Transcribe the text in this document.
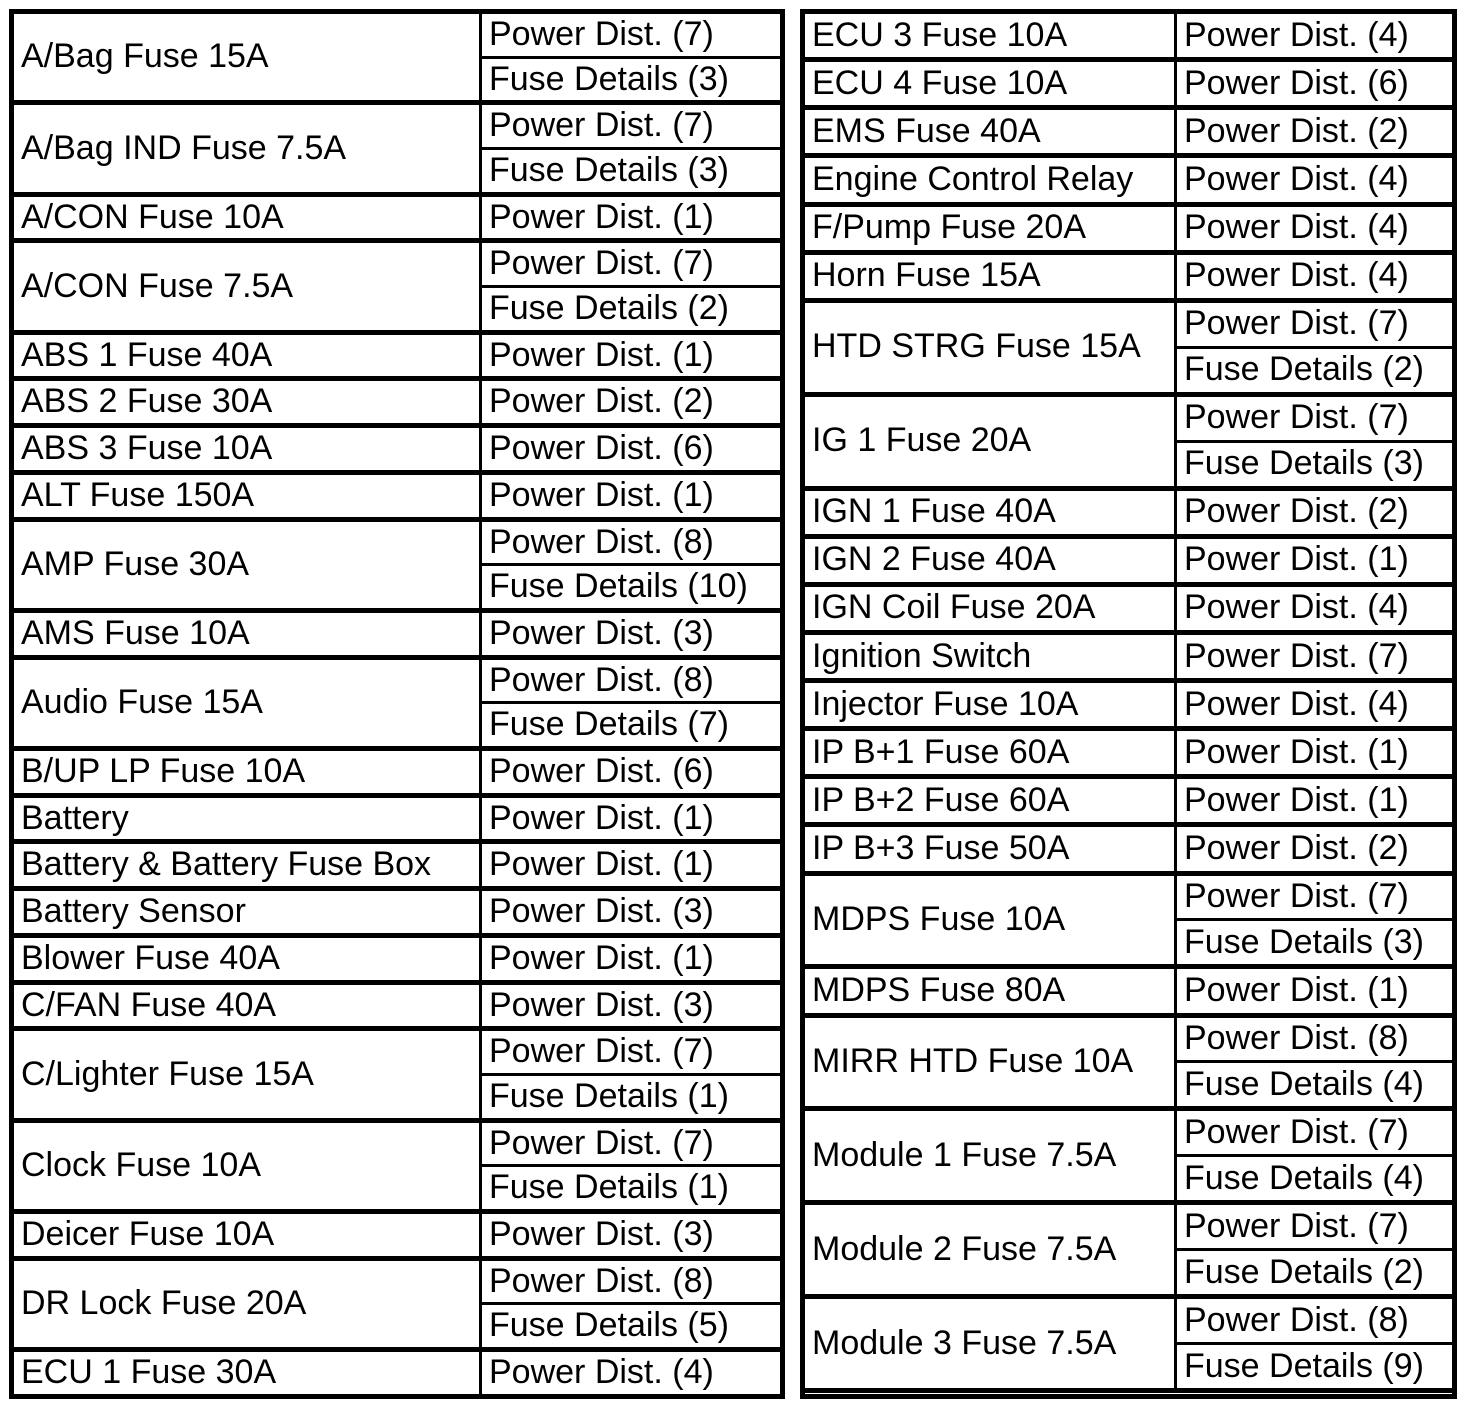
A/Bag Fuse 15A	Power Dist. (7)
	Fuse Details (3)
A/Bag IND Fuse 7.5A	Power Dist. (7)
	Fuse Details (3)
A/CON Fuse 10A	Power Dist. (1)
A/CON Fuse 7.5A	Power Dist. (7)
	Fuse Details (2)
ABS 1 Fuse 40A	Power Dist. (1)
ABS 2 Fuse 30A	Power Dist. (2)
ABS 3 Fuse 10A	Power Dist. (6)
ALT Fuse 150A	Power Dist. (1)
AMP Fuse 30A	Power Dist. (8)
	Fuse Details (10)
AMS Fuse 10A	Power Dist. (3)
Audio Fuse 15A	Power Dist. (8)
	Fuse Details (7)
B/UP LP Fuse 10A	Power Dist. (6)
Battery	Power Dist. (1)
Battery & Battery Fuse Box	Power Dist. (1)
Battery Sensor	Power Dist. (3)
Blower Fuse 40A	Power Dist. (1)
C/FAN Fuse 40A	Power Dist. (3)
C/Lighter Fuse 15A	Power Dist. (7)
	Fuse Details (1)
Clock Fuse 10A	Power Dist. (7)
	Fuse Details (1)
Deicer Fuse 10A	Power Dist. (3)
DR Lock Fuse 20A	Power Dist. (8)
	Fuse Details (5)
ECU 1 Fuse 30A	Power Dist. (4)
ECU 3 Fuse 10A	Power Dist. (4)
ECU 4 Fuse 10A	Power Dist. (6)
EMS Fuse 40A	Power Dist. (2)
Engine Control Relay	Power Dist. (4)
F/Pump Fuse 20A	Power Dist. (4)
Horn Fuse 15A	Power Dist. (4)
HTD STRG Fuse 15A	Power Dist. (7)
	Fuse Details (2)
IG 1 Fuse 20A	Power Dist. (7)
	Fuse Details (3)
IGN 1 Fuse 40A	Power Dist. (2)
IGN 2 Fuse 40A	Power Dist. (1)
IGN Coil Fuse 20A	Power Dist. (4)
Ignition Switch	Power Dist. (7)
Injector Fuse 10A	Power Dist. (4)
IP B+1 Fuse 60A	Power Dist. (1)
IP B+2 Fuse 60A	Power Dist. (1)
IP B+3 Fuse 50A	Power Dist. (2)
MDPS Fuse 10A	Power Dist. (7)
	Fuse Details (3)
MDPS Fuse 80A	Power Dist. (1)
MIRR HTD Fuse 10A	Power Dist. (8)
	Fuse Details (4)
Module 1 Fuse 7.5A	Power Dist. (7)
	Fuse Details (4)
Module 2 Fuse 7.5A	Power Dist. (7)
	Fuse Details (2)
Module 3 Fuse 7.5A	Power Dist. (8)
	Fuse Details (9)
